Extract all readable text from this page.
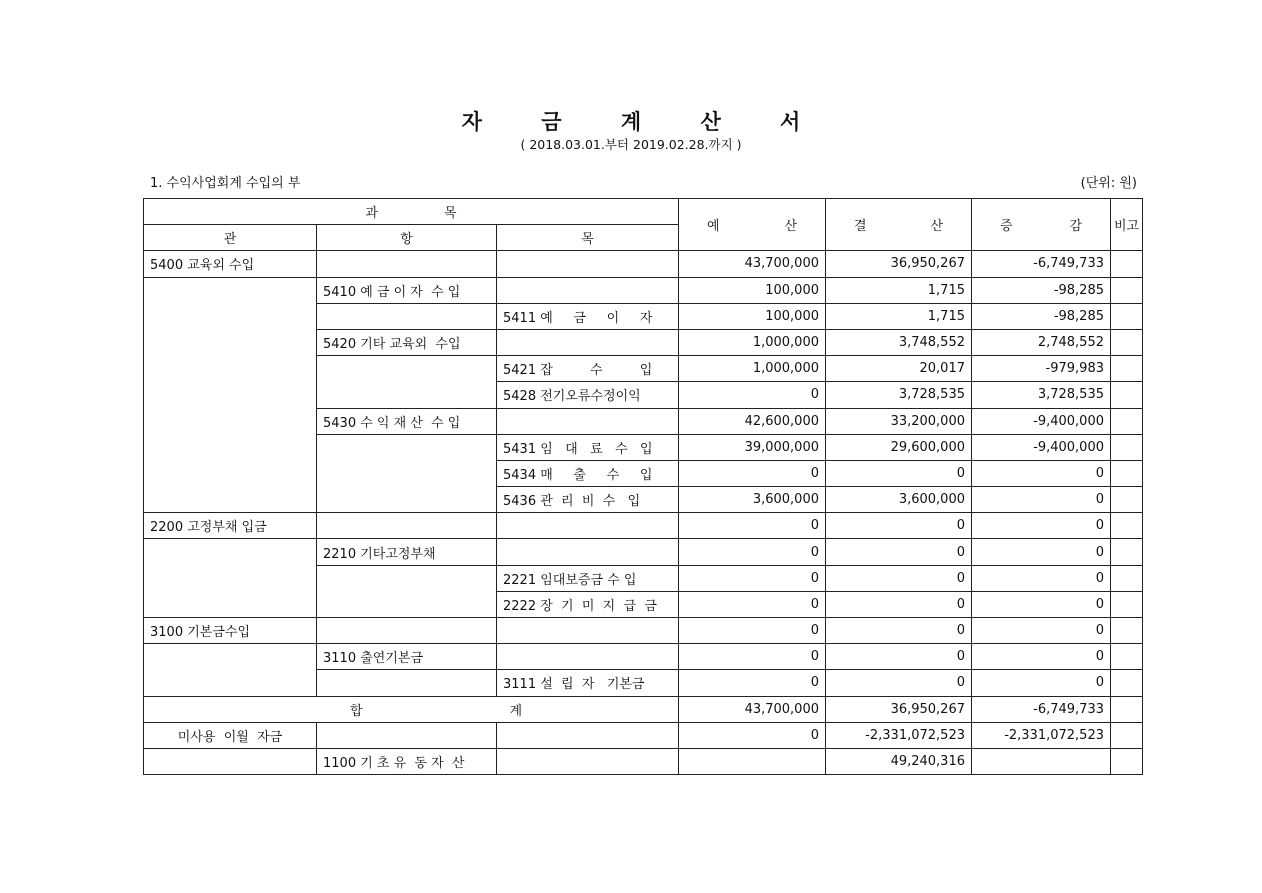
자 금 계 산 서
( 2018.03.01.부터 2019.02.28.까지 )
1. 수익사업회계 수입의 부	(단위: 원)
과                목			예 산	결 산	증 감	비고
관	항	목				
5400 교육외 수입			43,700,000	36,950,267	-6,749,733	
	5410 예 금 이 자  수 입		100,000	1,715	-98,285	
		5411 예     금     이     자	100,000	1,715	-98,285	
	5420 기타 교육외  수입		1,000,000	3,748,552	2,748,552	
		5421 잡         수         입	1,000,000	20,017	-979,983	
		5428 전기오류수정이익	0	3,728,535	3,728,535	
	5430 수 익 재 산  수 입		42,600,000	33,200,000	-9,400,000	
		5431 임   대   료   수   입	39,000,000	29,600,000	-9,400,000	
		5434 매     출     수     입	0	0	0	
		5436 관  리  비  수   입	3,600,000	3,600,000	0	
2200 고정부채 입금			0	0	0	
	2210 기타고정부채		0	0	0	
		2221 임대보증금 수 입	0	0	0	
		2222 장  기  미  지  급  금	0	0	0	
3100 기본금수입			0	0	0	
	3110 출연기본금		0	0	0	
		3111 설  립  자   기본금	0	0	0	

합 계			43,700,000	36,950,267	-6,749,733	
미사용  이월  자금			0	-2,331,072,523	-2,331,072,523	
	1100 기 초 유  동 자  산			49,240,316		
